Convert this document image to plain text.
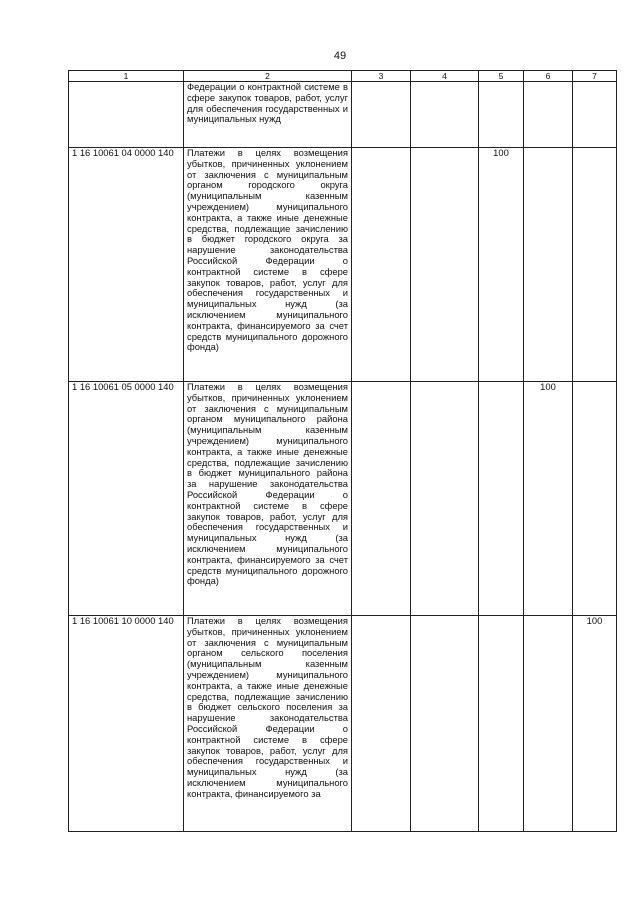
49
1	2	3	4	5	6	7
	Федерации о контрактной системе в сфере закупок товаров, работ, услуг для обеспечения государственных и муниципальных нужд					
1 16 10061 04 0000 140	Платежи в целях возмещения убытков, причиненных уклонением от заключения с муниципальным органом городского округа (муниципальным казенным учреждением) муниципального контракта, а также иные денежные средства, подлежащие зачислению в бюджет городского округа за нарушение законодательства Российской Федерации о контрактной системе в сфере закупок товаров, работ, услуг для обеспечения государственных и муниципальных нужд (за исключением муниципального контракта, финансируемого за счет средств муниципального дорожного фонда)			100		
1 16 10061 05 0000 140	Платежи в целях возмещения убытков, причиненных уклонением от заключения с муниципальным органом муниципального района (муниципальным казенным учреждением) муниципального контракта, а также иные денежные средства, подлежащие зачислению в бюджет муниципального района за нарушение законодательства Российской Федерации о контрактной системе в сфере закупок товаров, работ, услуг для обеспечения государственных и муниципальных нужд (за исключением муниципального контракта, финансируемого за счет средств муниципального дорожного фонда)				100	
1 16 10061 10 0000 140	Платежи в целях возмещения убытков, причиненных уклонением от заключения с муниципальным органом сельского поселения (муниципальным казенным учреждением) муниципального контракта, а также иные денежные средства, подлежащие зачислению в бюджет сельского поселения за нарушение законодательства Российской Федерации о контрактной системе в сфере закупок товаров, работ, услуг для обеспечения государственных и муниципальных нужд (за исключением муниципального контракта, финансируемого за					100
